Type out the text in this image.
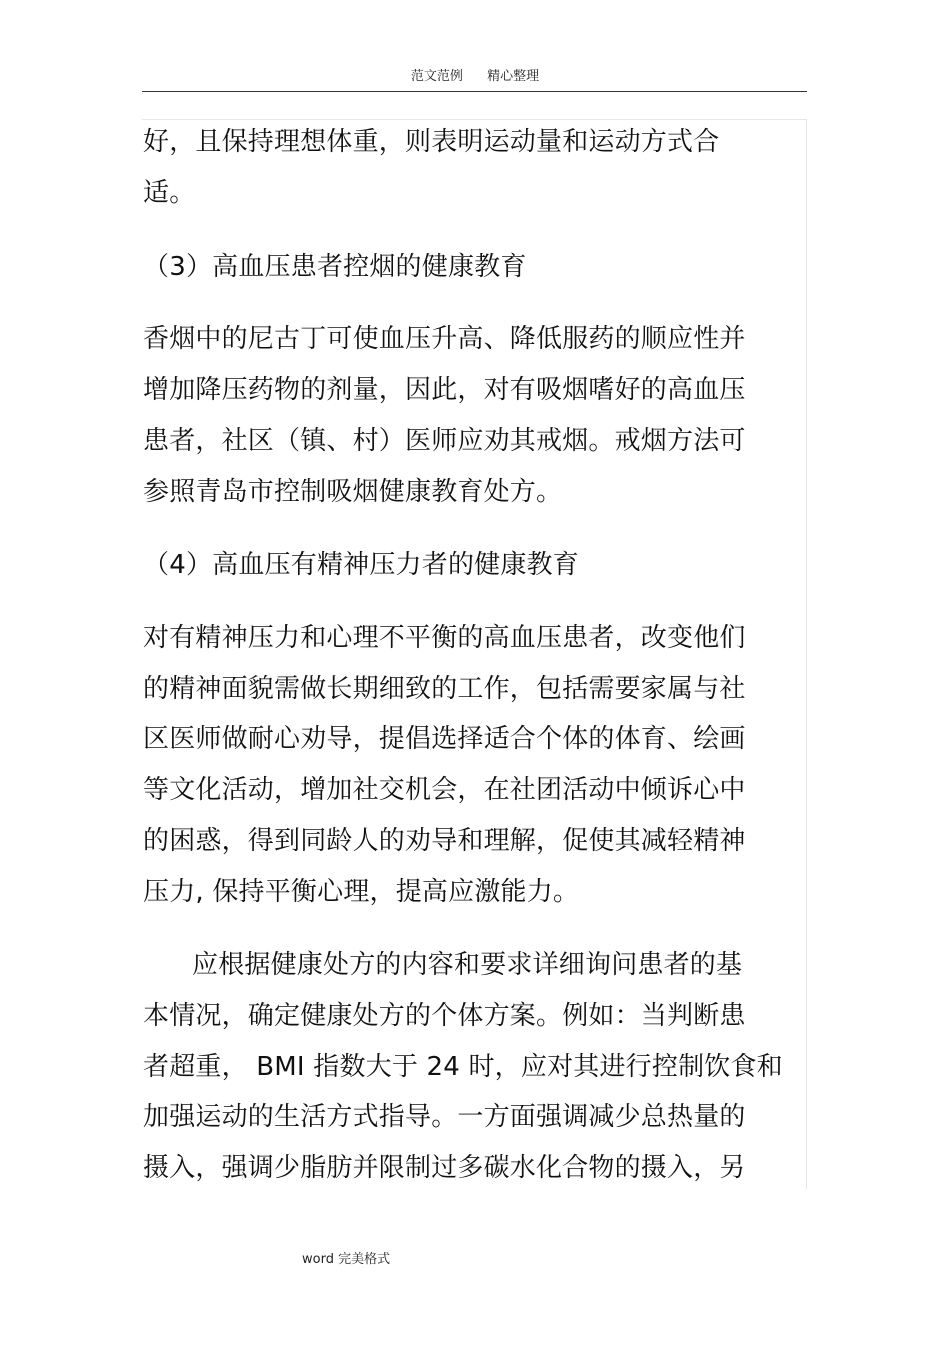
范文范例 精心整理
好，且保持理想体重，则表明运动量和运动方式合
适。
（3）高血压患者控烟的健康教育
香烟中的尼古丁可使血压升高、降低服药的顺应性并
增加降压药物的剂量，因此，对有吸烟嗜好的高血压
患者，社区（镇、村）医师应劝其戒烟。戒烟方法可
参照青岛市控制吸烟健康教育处方。
（4）高血压有精神压力者的健康教育
对有精神压力和心理不平衡的高血压患者，改变他们
的精神面貌需做长期细致的工作，包括需要家属与社
区医师做耐心劝导，提倡选择适合个体的体育、绘画
等文化活动，增加社交机会，在社团活动中倾诉心中
的困惑，得到同龄人的劝导和理解，促使其减轻精神
压力, 保持平衡心理，提高应激能力。
应根据健康处方的内容和要求详细询问患者的基
本情况，确定健康处方的个体方案。例如：当判断患
者超重， BMI 指数大于 24 时，应对其进行控制饮食和
加强运动的生活方式指导。一方面强调减少总热量的
摄入，强调少脂肪并限制过多碳水化合物的摄入，另
word 完美格式
